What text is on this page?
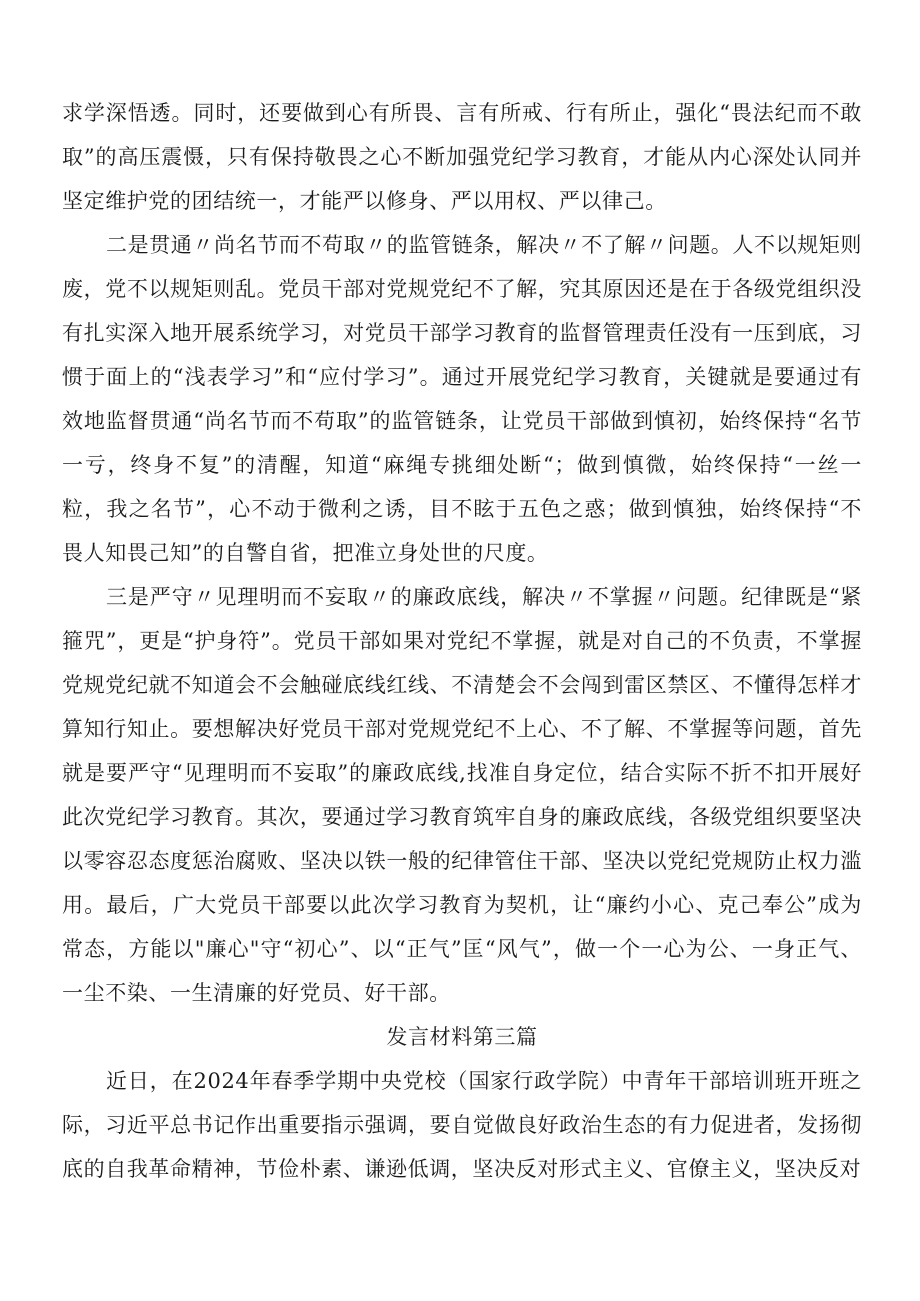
求学深悟透。同时，还要做到心有所畏、言有所戒、行有所止，强化“畏法纪而不敢取”的高压震慑，只有保持敬畏之心不断加强党纪学习教育，才能从内心深处认同并坚定维护党的团结统一，才能严以修身、严以用权、严以律己。

二是贯通〃尚名节而不苟取〃的监管链条，解决〃不了解〃问题。人不以规矩则废，党不以规矩则乱。党员干部对党规党纪不了解，究其原因还是在于各级党组织没有扎实深入地开展系统学习，对党员干部学习教育的监督管理责任没有一压到底，习惯于面上的“浅表学习”和“应付学习”。通过开展党纪学习教育，关键就是要通过有效地监督贯通“尚名节而不苟取”的监管链条，让党员干部做到慎初，始终保持“名节一亏，终身不复”的清醒，知道“麻绳专挑细处断“；做到慎微，始终保持“一丝一粒，我之名节”，心不动于微利之诱，目不眩于五色之惑；做到慎独，始终保持“不畏人知畏己知”的自警自省，把准立身处世的尺度。

三是严守〃见理明而不妄取〃的廉政底线，解决〃不掌握〃问题。纪律既是“紧箍咒”，更是“护身符”。党员干部如果对党纪不掌握，就是对自己的不负责，不掌握党规党纪就不知道会不会触碰底线红线、不清楚会不会闯到雷区禁区、不懂得怎样才算知行知止。要想解决好党员干部对党规党纪不上心、不了解、不掌握等问题，首先就是要严守“见理明而不妄取”的廉政底线,找准自身定位，结合实际不折不扣开展好此次党纪学习教育。其次，要通过学习教育筑牢自身的廉政底线，各级党组织要坚决以零容忍态度惩治腐败、坚决以铁一般的纪律管住干部、坚决以党纪党规防止权力滥用。最后，广大党员干部要以此次学习教育为契机，让“廉约小心、克己奉公”成为常态，方能以"廉心"守“初心”、以“正气”匡“风气”，做一个一心为公、一身正气、一尘不染、一生清廉的好党员、好干部。

发言材料第三篇

近日，在2024年春季学期中央党校（国家行政学院）中青年干部培训班开班之际，习近平总书记作出重要指示强调，要自觉做良好政治生态的有力促进者，发扬彻底的自我革命精神，节俭朴素、谦逊低调，坚决反对形式主义、官僚主义，坚决反对
